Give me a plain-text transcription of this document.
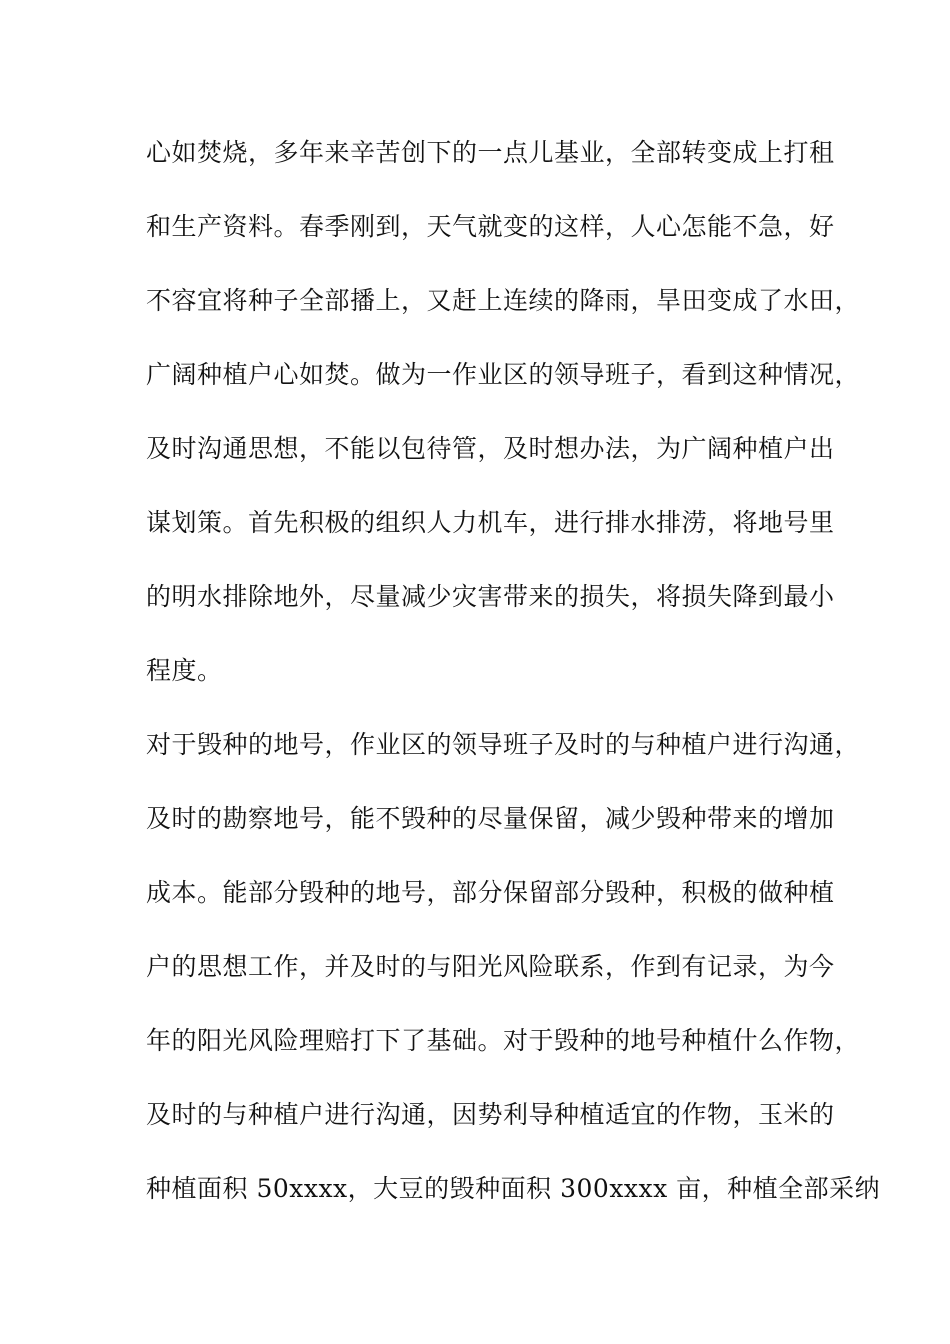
心如焚烧，多年来辛苦创下的一点儿基业，全部转变成上打租
和生产资料。春季刚到，天气就变的这样，人心怎能不急，好
不容宜将种子全部播上，又赶上连续的降雨，旱田变成了水田，
广阔种植户心如焚。做为一作业区的领导班子，看到这种情况，
及时沟通思想，不能以包待管，及时想办法，为广阔种植户出
谋划策。首先积极的组织人力机车，进行排水排涝，将地号里
的明水排除地外，尽量减少灾害带来的损失，将损失降到最小
程度。
对于毁种的地号，作业区的领导班子及时的与种植户进行沟通，
及时的勘察地号，能不毁种的尽量保留，减少毁种带来的增加
成本。能部分毁种的地号，部分保留部分毁种，积极的做种植
户的思想工作，并及时的与阳光风险联系，作到有记录，为今
年的阳光风险理赔打下了基础。对于毁种的地号种植什么作物，
及时的与种植户进行沟通，因势利导种植适宜的作物，玉米的
种植面积 50xxxx，大豆的毁种面积 300xxxx 亩，种植全部采纳
